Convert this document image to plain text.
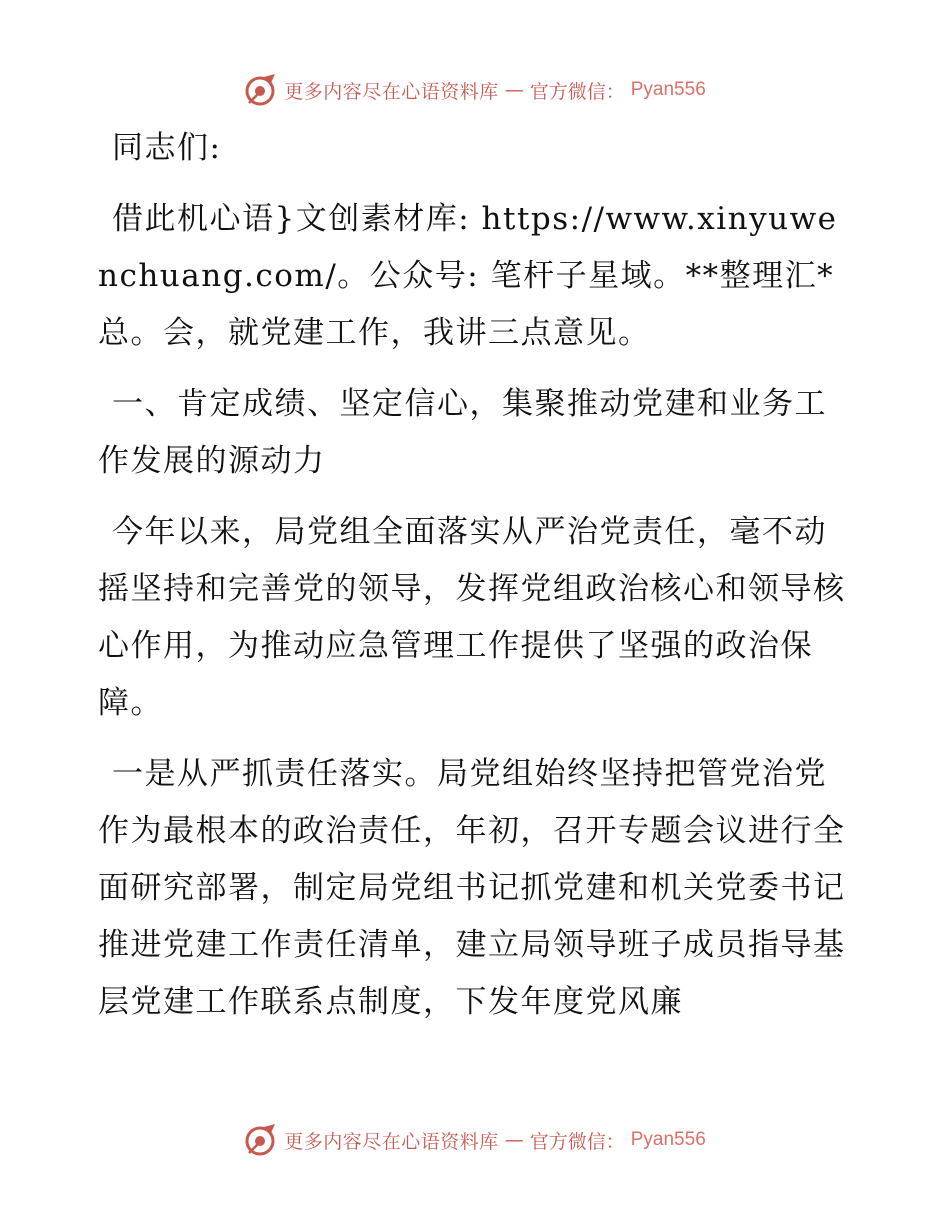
更多内容尽在心语资料库 — 官方微信： Pyan556

同志们:

借此机心语}文创素材库: https://www.xinyuwenchuang.com/。公众号: 笔杆子星域。**整理汇*总。会，就党建工作，我讲三点意见。

一、肯定成绩、坚定信心，集聚推动党建和业务工作发展的源动力

今年以来，局党组全面落实从严治党责任，毫不动摇坚持和完善党的领导，发挥党组政治核心和领导核心作用，为推动应急管理工作提供了坚强的政治保障。

一是从严抓责任落实。局党组始终坚持把管党治党作为最根本的政治责任，年初，召开专题会议进行全面研究部署，制定局党组书记抓党建和机关党委书记推进党建工作责任清单，建立局领导班子成员指导基层党建工作联系点制度，下发年度党风廉

更多内容尽在心语资料库 — 官方微信： Pyan556
